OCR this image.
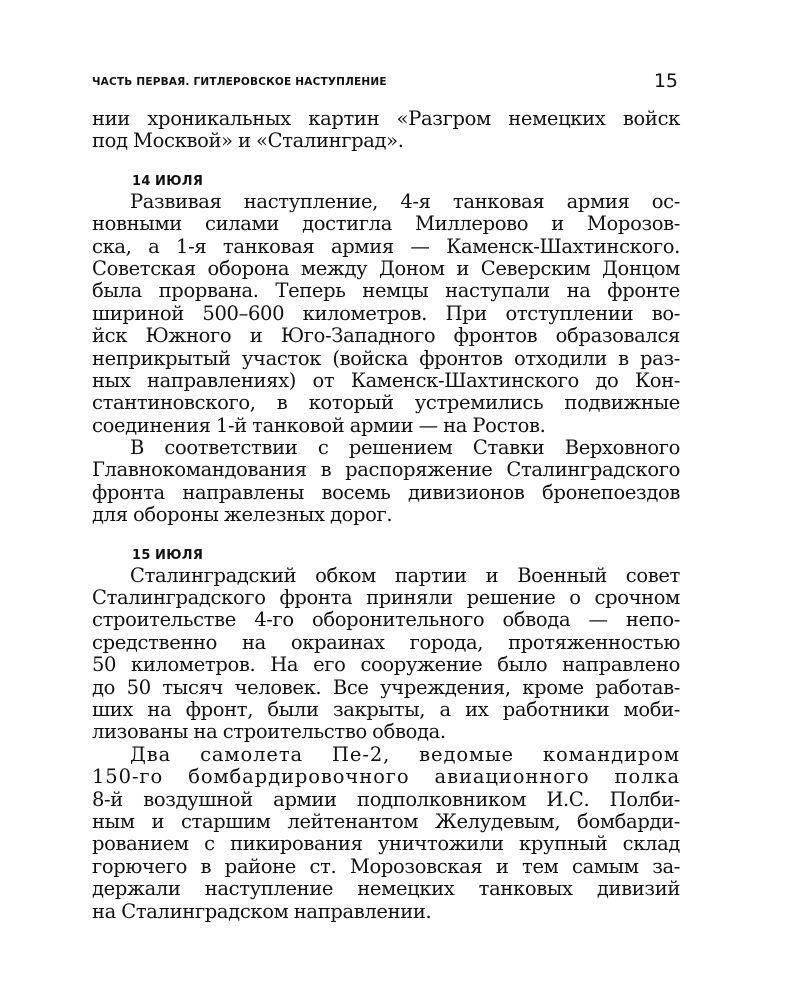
ЧАСТЬ ПЕРВАЯ. ГИТЛЕРОВСКОЕ НАСТУПЛЕНИЕ	15
нии хроникальных картин «Разгром немецких войск
под Москвой» и «Сталинград».
14 ИЮЛЯ
Развивая наступление, 4-я танковая армия ос-
новными силами достигла Миллерово и Морозов-
ска, а 1-я танковая армия — Каменск-Шахтинского.
Советская оборона между Доном и Северским Донцом
была прорвана. Теперь немцы наступали на фронте
шириной 500–600 километров. При отступлении во-
йск Южного и Юго-Западного фронтов образовался
неприкрытый участок (войска фронтов отходили в раз-
ных направлениях) от Каменск-Шахтинского до Кон-
стантиновского, в который устремились подвижные
соединения 1-й танковой армии — на Ростов.
В соответствии с решением Ставки Верховного
Главнокомандования в распоряжение Сталинградского
фронта направлены восемь дивизионов бронепоездов
для обороны железных дорог.
15 ИЮЛЯ
Сталинградский обком партии и Военный совет
Сталинградского фронта приняли решение о срочном
строительстве 4-го оборонительного обвода — непо-
средственно на окраинах города, протяженностью
50 километров. На его сооружение было направлено
до 50 тысяч человек. Все учреждения, кроме работав-
ших на фронт, были закрыты, а их работники моби-
лизованы на строительство обвода.
Два самолета Пе-2, ведомые командиром
150-го бомбардировочного авиационного полка
8-й воздушной армии подполковником И.С. Полби-
ным и старшим лейтенантом Желудевым, бомбарди-
рованием с пикирования уничтожили крупный склад
горючего в районе ст. Морозовская и тем самым за-
держали наступление немецких танковых дивизий
на Сталинградском направлении.
